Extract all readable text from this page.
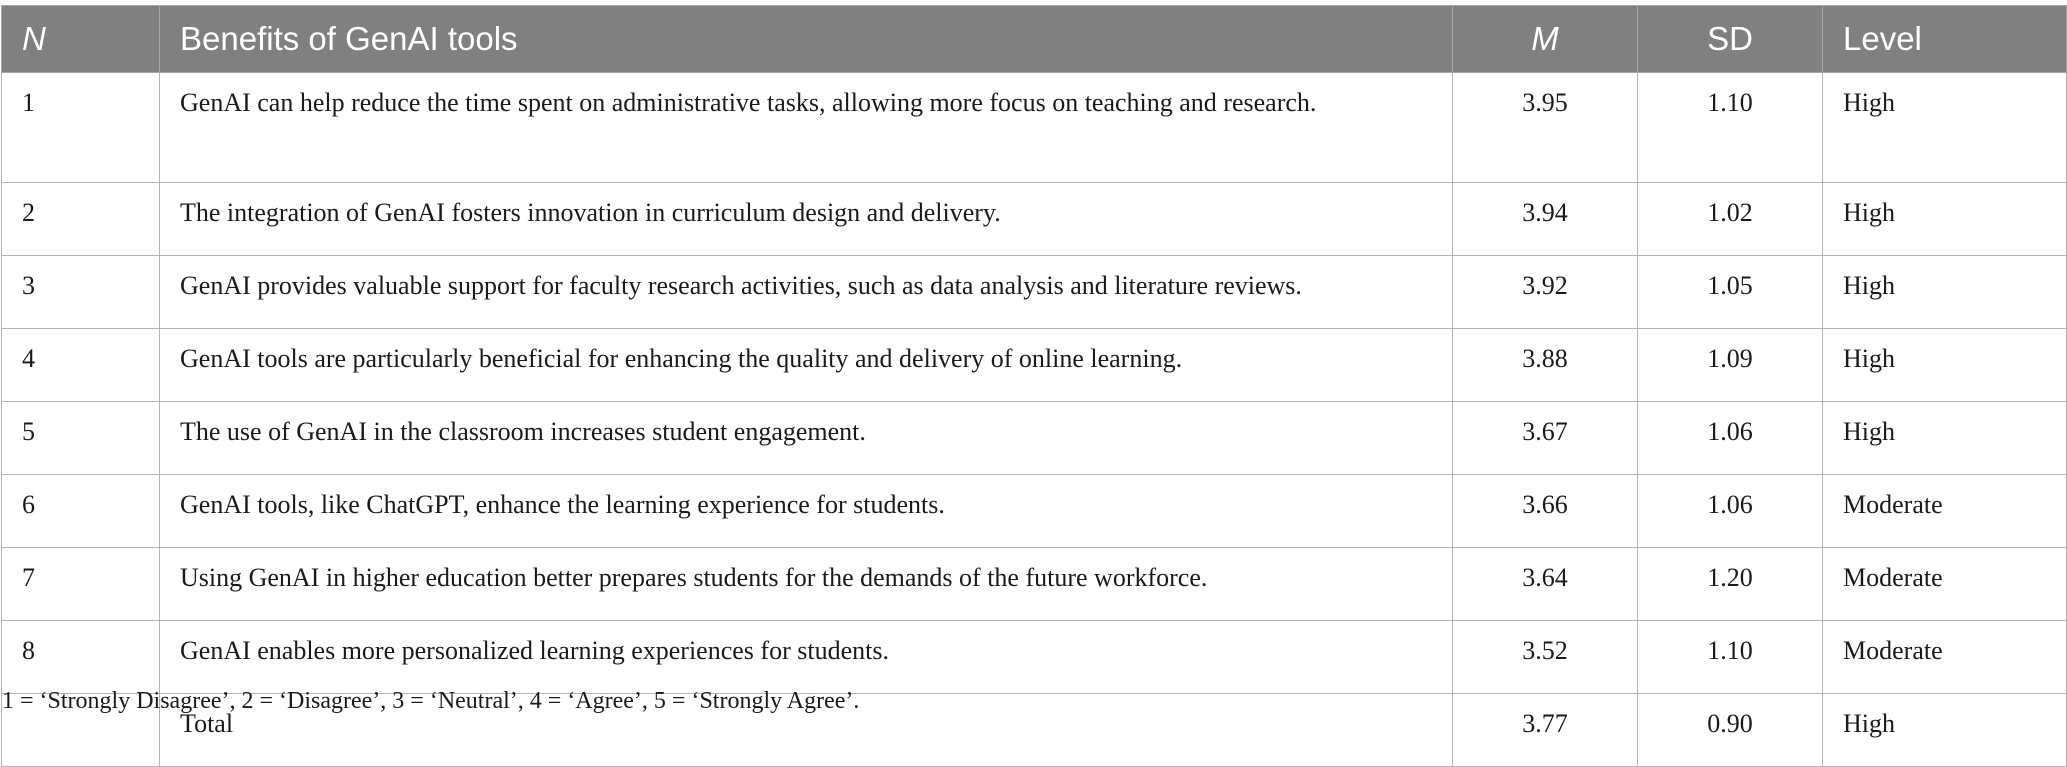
N	Benefits of GenAI tools	M	SD	Level
1	GenAI can help reduce the time spent on administrative tasks, allowing more focus on teaching and research.	3.95	1.10	High
2	The integration of GenAI fosters innovation in curriculum design and delivery.	3.94	1.02	High
3	GenAI provides valuable support for faculty research activities, such as data analysis and literature reviews.	3.92	1.05	High
4	GenAI tools are particularly beneficial for enhancing the quality and delivery of online learning.	3.88	1.09	High
5	The use of GenAI in the classroom increases student engagement.	3.67	1.06	High
6	GenAI tools, like ChatGPT, enhance the learning experience for students.	3.66	1.06	Moderate
7	Using GenAI in higher education better prepares students for the demands of the future workforce.	3.64	1.20	Moderate
8	GenAI enables more personalized learning experiences for students.	3.52	1.10	Moderate
	Total	3.77	0.90	High
1 = ‘Strongly Disagree’, 2 = ‘Disagree’, 3 = ‘Neutral’, 4 = ‘Agree’, 5 = ‘Strongly Agree’.
